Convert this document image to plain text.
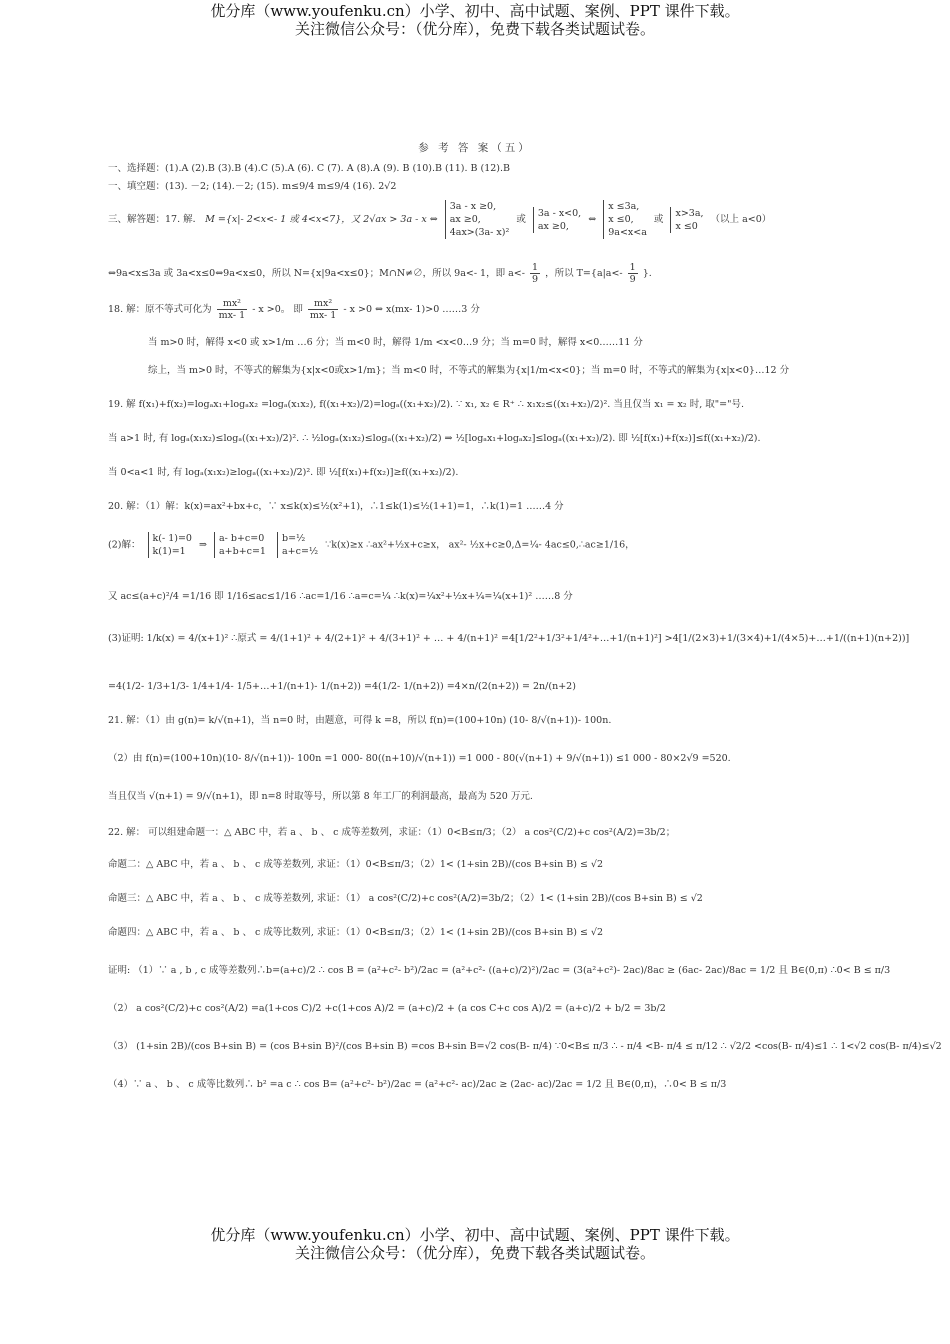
优分库（www.youfenku.cn）小学、初中、高中试题、案例、PPT 课件下载。
关注微信公众号：（优分库），免费下载各类试题试卷。
参 考 答 案（五）
一、选择题：(1).A (2).B (3).B (4).C (5).A (6). C (7). A (8).A (9). B (10).B (11). B (12).B
一、填空题：(13). －2; (14).－2; (15). m≤9/4 m≤9/4 (16). 2√2
三、解答题：17. 解． M ={x|- 2<x<- 1 或 4<x<7}，又 2√ax > 3a - x ⇔
3a - x ≥0,
ax ≥0,
4ax>(3a- x)²
或
3a - x<0,
ax ≥0,
⇔
x ≤3a,
x ≤0,
9a<x<a
或
x>3a,
x ≤0
（以上 a<0）
⇔9a<x≤3a 或 3a<x≤0⇔9a<x≤0，所以 N={x|9a<x≤0}；M∩N≠∅，所以 9a<- 1，即 $a<- \frac{1}{9}$ ，所以 $T=\{a|a<- \frac{1}{9}$ }.
18. 解：原不等式可化为 $\frac{\text{mx²}}{mx- 1} - x >0$。 即 $\frac{\text{mx²}}{mx- 1} - x >0$ ⇔ x(mx- 1)>0 ……3 分
当 m>0 时，解得 x<0 或 x>1/m …6 分；当 m<0 时，解得 1/m <x<0…9 分；当 m=0 时，解得 x<0……11 分
综上，当 m>0 时，不等式的解集为{x|x<0或x>1/m}；当 m<0 时，不等式的解集为{x|1/m<x<0}；当 m=0 时，不等式的解集为{x|x<0}…12 分
19. 解 f(x₁)+f(x₂)=logₐx₁+logₐx₂ =logₐ(x₁x₂), f((x₁+x₂)/2)=logₐ((x₁+x₂)/2). ∵ x₁, x₂ ∈ R⁺ ∴ x₁x₂≤((x₁+x₂)/2)². 当且仅当 x₁ = x₂ 时, 取"="号.
当 a>1 时, 有 logₐ(x₁x₂)≤logₐ((x₁+x₂)/2)². ∴ ½logₐ(x₁x₂)≤logₐ((x₁+x₂)/2) ⇒ ½[logₐx₁+logₐx₂]≤logₐ((x₁+x₂)/2). 即 ½[f(x₁)+f(x₂)]≤f((x₁+x₂)/2).
当 0<a<1 时, 有 logₐ(x₁x₂)≥logₐ((x₁+x₂)/2)². 即 ½[f(x₁)+f(x₂)]≥f((x₁+x₂)/2).
20. 解：（1）解：k(x)=ax²+bx+c，∵ x≤k(x)≤½(x²+1)，∴1≤k(1)≤½(1+1)=1，∴k(1)=1 ……4 分
(2)解：
k(- 1)=0
k(1)=1
⇒
a- b+c=0
a+b+c=1

b=½
a+c=½
∵k(x)≥x ∴ax²+½x+c≥x， ax²- ½x+c≥0,Δ=¼- 4ac≤0,∴ac≥1/16，
又 ac≤(a+c)²/4 =1/16 即 1/16≤ac≤1/16 ∴ac=1/16 ∴a=c=¼ ∴k(x)=¼x²+½x+¼=¼(x+1)² ……8 分
(3)证明: 1/k(x) = 4/(x+1)² ∴原式 = 4/(1+1)² + 4/(2+1)² + 4/(3+1)² + … + 4/(n+1)² =4[1/2²+1/3²+1/4²+…+1/(n+1)²] >4[1/(2×3)+1/(3×4)+1/(4×5)+…+1/((n+1)(n+2))]
=4(1/2- 1/3+1/3- 1/4+1/4- 1/5+…+1/(n+1)- 1/(n+2)) =4(1/2- 1/(n+2)) =4×n/(2(n+2)) = 2n/(n+2)
21. 解：（1）由 g(n)= k/√(n+1)，当 n=0 时，由题意，可得 k =8，所以 f(n)=(100+10n) (10- 8/√(n+1))- 100n.
（2）由 f(n)=(100+10n)(10- 8/√(n+1))- 100n =1 000- 80((n+10)/√(n+1)) =1 000 - 80(√(n+1) + 9/√(n+1)) ≤1 000 - 80×2√9 =520.
当且仅当 √(n+1) = 9/√(n+1)，即 n=8 时取等号，所以第 8 年工厂的利润最高，最高为 520 万元.
22. 解： 可以组建命题一：△ ABC 中，若 a 、 b 、 c 成等差数列，求证：（1）0<B≤π/3；（2） a cos²(C/2)+c cos²(A/2)=3b/2；
命题二：△ ABC 中，若 a 、 b 、 c 成等差数列, 求证：（1）0<B≤π/3；（2）1< (1+sin 2B)/(cos B+sin B) ≤ √2
命题三：△ ABC 中，若 a 、 b 、 c 成等差数列, 求证：（1） a cos²(C/2)+c cos²(A/2)=3b/2；（2）1< (1+sin 2B)/(cos B+sin B) ≤ √2
命题四：△ ABC 中，若 a 、 b 、 c 成等比数列, 求证：（1）0<B≤π/3；（2）1< (1+sin 2B)/(cos B+sin B) ≤ √2
证明: （1）∵ a , b , c 成等差数列∴b=(a+c)/2 ∴ cos B = (a²+c²- b²)/2ac = (a²+c²- ((a+c)/2)²)/2ac = (3(a²+c²)- 2ac)/8ac ≥ (6ac- 2ac)/8ac = 1/2 且 B∈(0,π) ∴0< B ≤ π/3
（2） a cos²(C/2)+c cos²(A/2) =a(1+cos C)/2 +c(1+cos A)/2 = (a+c)/2 + (a cos C+c cos A)/2 = (a+c)/2 + b/2 = 3b/2
（3） (1+sin 2B)/(cos B+sin B) = (cos B+sin B)²/(cos B+sin B) =cos B+sin B=√2 cos(B- π/4) ∵0<B≤ π/3 ∴ - π/4 <B- π/4 ≤ π/12 ∴ √2/2 <cos(B- π/4)≤1 ∴ 1<√2 cos(B- π/4)≤√2
（4）∵ a 、 b 、 c 成等比数列∴ b² =a c ∴ cos B= (a²+c²- b²)/2ac = (a²+c²- ac)/2ac ≥ (2ac- ac)/2ac = 1/2 且 B∈(0,π)，∴0< B ≤ π/3
优分库（www.youfenku.cn）小学、初中、高中试题、案例、PPT 课件下载。
关注微信公众号：（优分库），免费下载各类试题试卷。
